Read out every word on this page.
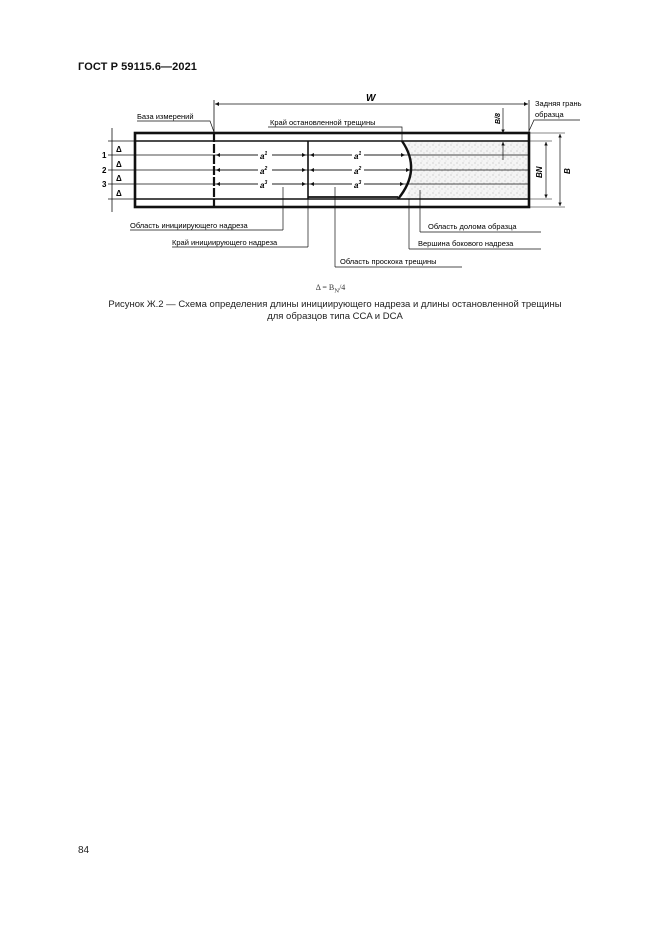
ГОСТ Р 59115.6—2021
$a^1$
$a^2$
$a^3$
$a^1$
$a^2$
$a^3$
1
2
3
Δ
Δ
Δ
Δ
W
База измерений
Край остановленной трещины	B/8
Задняя грань
образца
BN B
Область инициирующего надреза
Край инициирующего надреза
Область проскока трещины
Область долома образца
Вершина бокового надреза
$\Delta = B_N/4$
Рисунок Ж.2 — Схема определения длины инициирующего надреза и длины остановленной трещины
для образцов типа CCA и DCA
84
